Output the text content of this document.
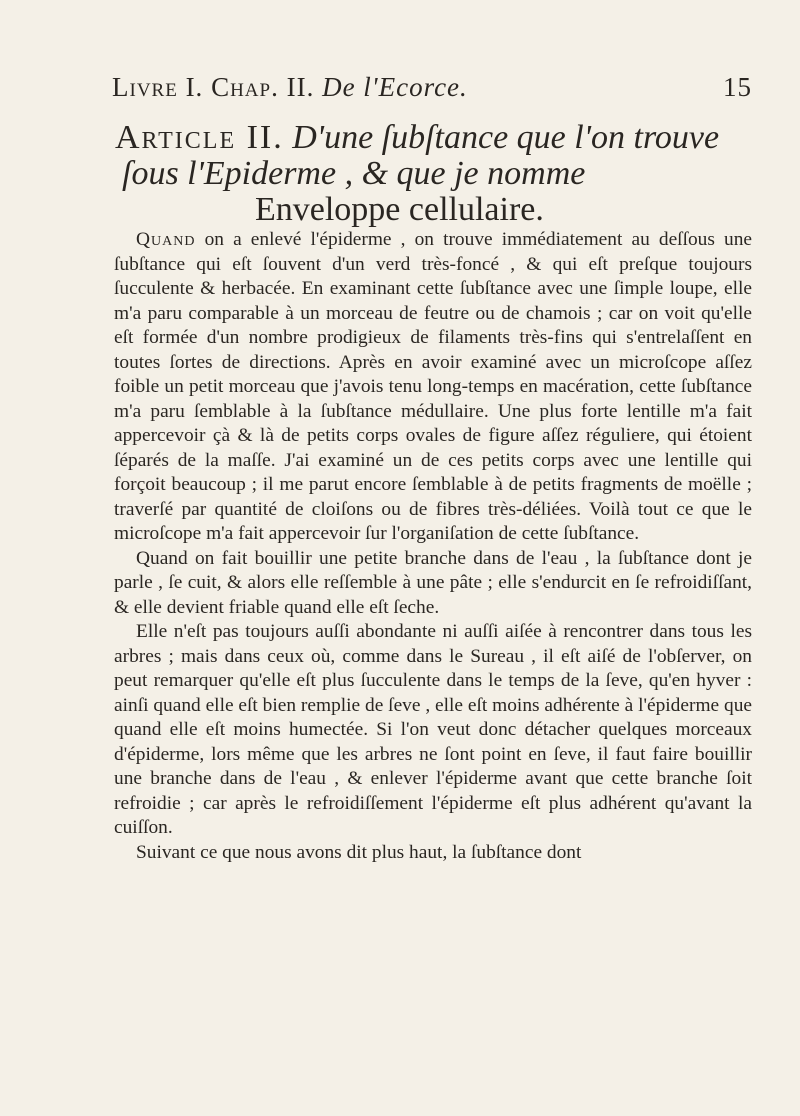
Livre I. Chap. II. De l'Ecorce.	15
Article II. D'une ſubſtance que l'on trouve
ſous l'Epiderme , & que je nomme
Enveloppe cellulaire.

Quand on a enlevé l'épiderme , on trouve immédiatement au deſſous une ſubſtance qui eſt ſouvent d'un verd très-foncé , & qui eſt preſque toujours ſucculente & herbacée. En examinant cette ſubſtance avec une ſimple loupe, elle m'a paru comparable à un morceau de feutre ou de chamois ; car on voit qu'elle eſt formée d'un nombre prodigieux de filaments très-fins qui s'entrelaſſent en toutes ſortes de directions. Après en avoir examiné avec un microſcope aſſez foible un petit morceau que j'avois tenu long-temps en macération, cette ſubſtance m'a paru ſemblable à la ſubſtance médullaire. Une plus forte lentille m'a fait appercevoir çà & là de petits corps ovales de figure aſſez réguliere, qui étoient ſéparés de la maſſe. J'ai examiné un de ces petits corps avec une lentille qui forçoit beaucoup ; il me parut encore ſemblable à de petits fragments de moëlle ; traverſé par quantité de cloiſons ou de fibres très-déliées. Voilà tout ce que le microſcope m'a fait appercevoir ſur l'organiſation de cette ſubſtance.

Quand on fait bouillir une petite branche dans de l'eau , la ſubſtance dont je parle , ſe cuit, & alors elle reſſemble à une pâte ; elle s'endurcit en ſe refroidiſſant, & elle devient friable quand elle eſt ſeche.

Elle n'eſt pas toujours auſſi abondante ni auſſi aiſée à rencontrer dans tous les arbres ; mais dans ceux où, comme dans le Sureau , il eſt aiſé de l'obſerver, on peut remarquer qu'elle eſt plus ſucculente dans le temps de la ſeve, qu'en hyver : ainſi quand elle eſt bien remplie de ſeve , elle eſt moins adhérente à l'épiderme que quand elle eſt moins humectée. Si l'on veut donc détacher quelques morceaux d'épiderme, lors même que les arbres ne ſont point en ſeve, il faut faire bouillir une branche dans de l'eau , & enlever l'épiderme avant que cette branche ſoit refroidie ; car après le refroidiſſement l'épiderme eſt plus adhérent qu'avant la cuiſſon.

Suivant ce que nous avons dit plus haut, la ſubſtance dont
